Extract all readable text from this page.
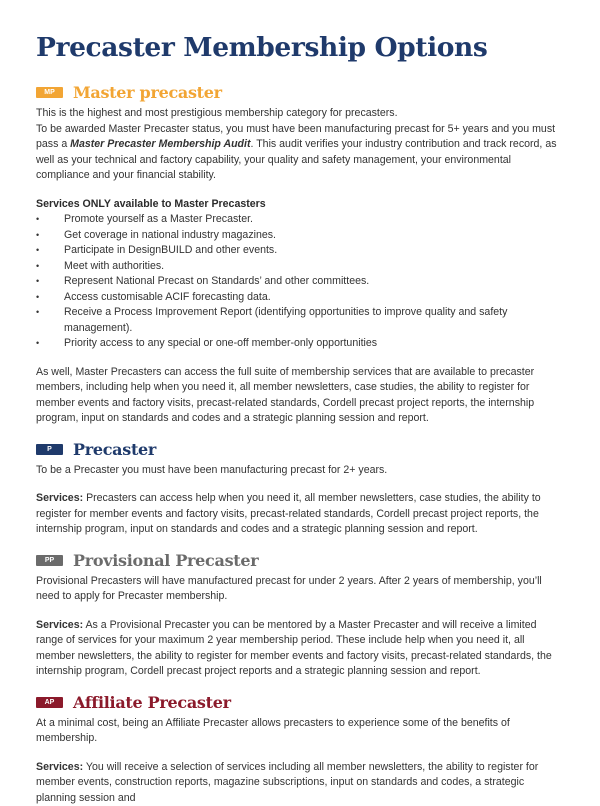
Precaster Membership Options
MP	Master precaster

This is the highest and most prestigious membership category for precasters.

To be awarded Master Precaster status, you must have been manufacturing precast for 5+ years and you must pass a Master Precaster Membership Audit. This audit verifies your industry contribution and track record, as well as your technical and factory capability, your quality and safety management, your environmental compliance and your financial stability.

Services ONLY available to Master Precasters

• Promote yourself as a Master Precaster.
• Get coverage in national industry magazines.
• Participate in DesignBUILD and other events.
• Meet with authorities.
• Represent National Precast on Standards’ and other committees.
• Access customisable ACIF forecasting data.
• Receive a Process Improvement Report (identifying opportunities to improve quality and safety management).
• Priority access to any special or one-off member-only opportunities

As well, Master Precasters can access the full suite of membership services that are available to precaster members, including help when you need it, all member newsletters, case studies, the ability to register for member events and factory visits, precast-related standards, Cordell precast project reports, the internship program, input on standards and codes and a strategic planning session and report.

P	Precaster

To be a Precaster you must have been manufacturing precast for 2+ years.

Services: Precasters can access help when you need it, all member newsletters, case studies, the ability to register for member events and factory visits, precast-related standards, Cordell precast project reports, the internship program, input on standards and codes and a strategic planning session and report.

PP	Provisional Precaster

Provisional Precasters will have manufactured precast for under 2 years. After 2 years of membership, you’ll need to apply for Precaster membership.

Services: As a Provisional Precaster you can be mentored by a Master Precaster and will receive a limited range of services for your maximum 2 year membership period. These include help when you need it, all member newsletters, the ability to register for member events and factory visits, precast-related standards, the internship program, Cordell precast project reports and a strategic planning session and report.

AP	Affiliate Precaster

At a minimal cost, being an Affiliate Precaster allows precasters to experience some of the benefits of membership.

Services: You will receive a selection of services including all member newsletters, the ability to register for member events, construction reports, magazine subscriptions, input on standards and codes, a strategic planning session and
